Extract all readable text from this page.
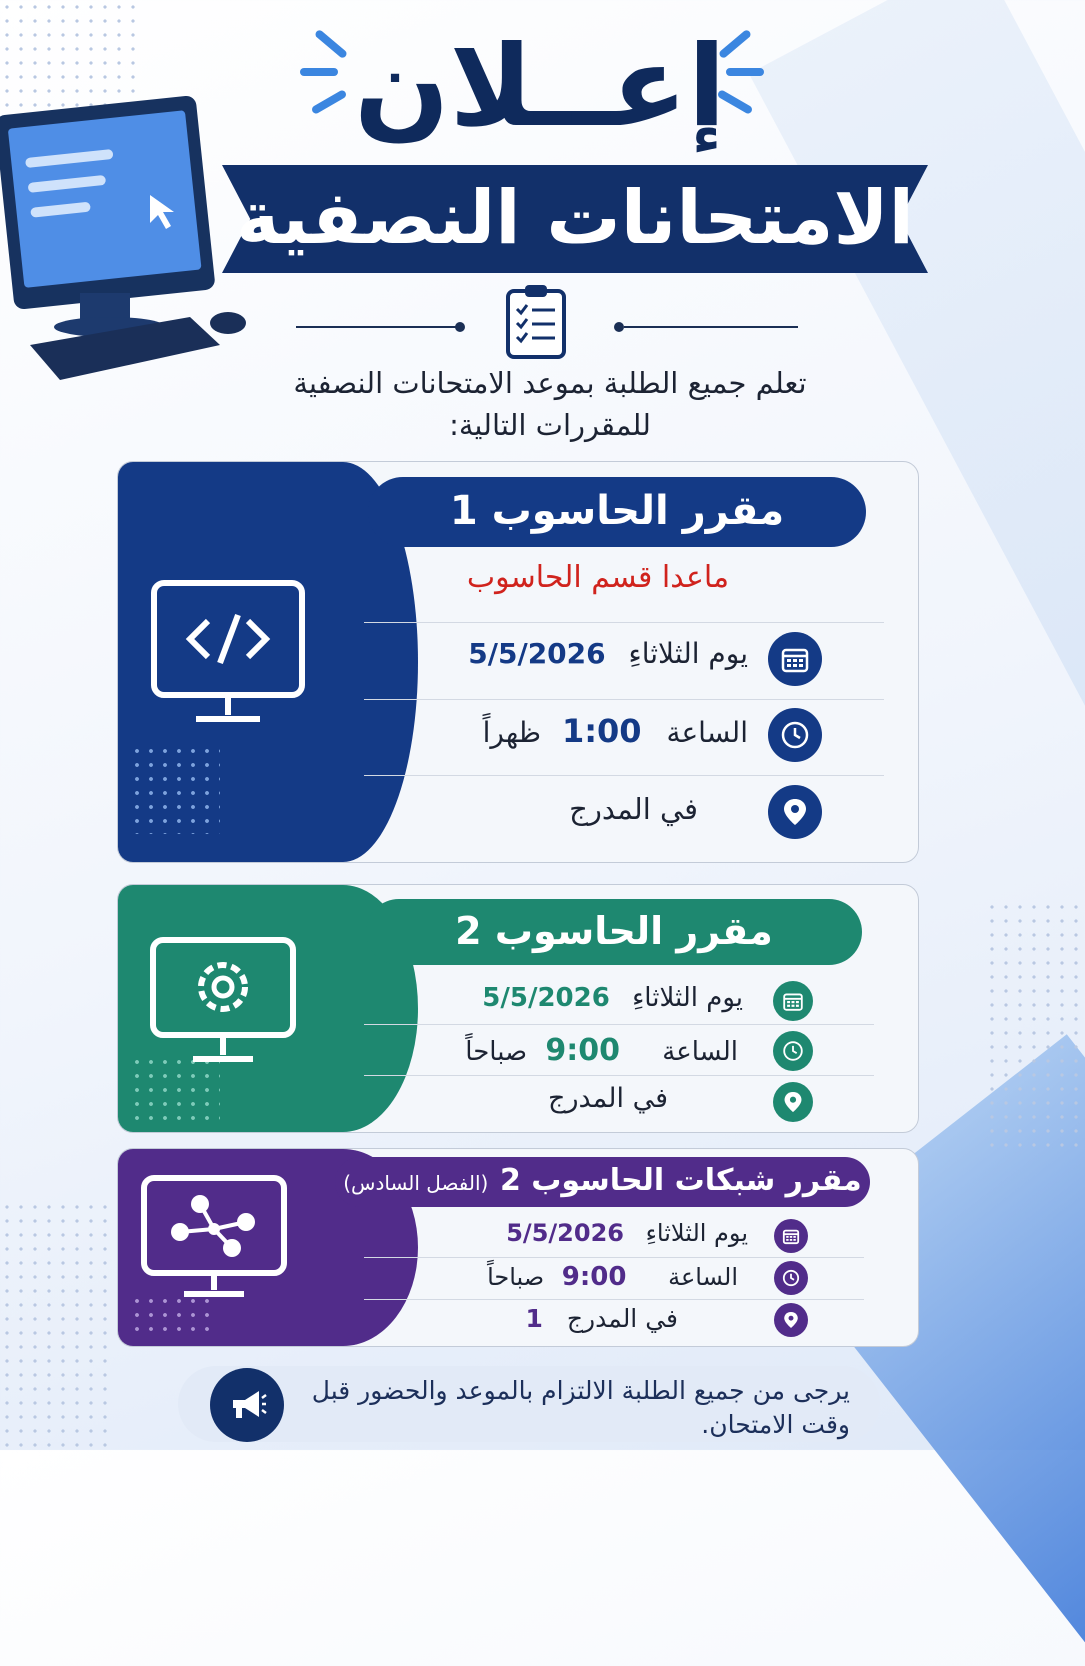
إعــلان
الامتحانات النصفية
تعلم جميع الطلبة بموعد الامتحانات النصفية
للمقررات التالية:
مقرر الحاسوب 1
ماعدا قسم الحاسوب
يوم الثلاثاءِ 5/5/2026
الساعة 1:00 ظهراً
في المدرج
مقرر الحاسوب 2
يوم الثلاثاءِ 5/5/2026
الساعة 9:00 صباحاً
في المدرج
مقرر شبكات الحاسوب 2 (الفصل السادس)
يوم الثلاثاءِ 5/5/2026
الساعة 9:00 صباحاً
في المدرج 1
يرجى من جميع الطلبة الالتزام بالموعد والحضور قبل وقت الامتحان.
